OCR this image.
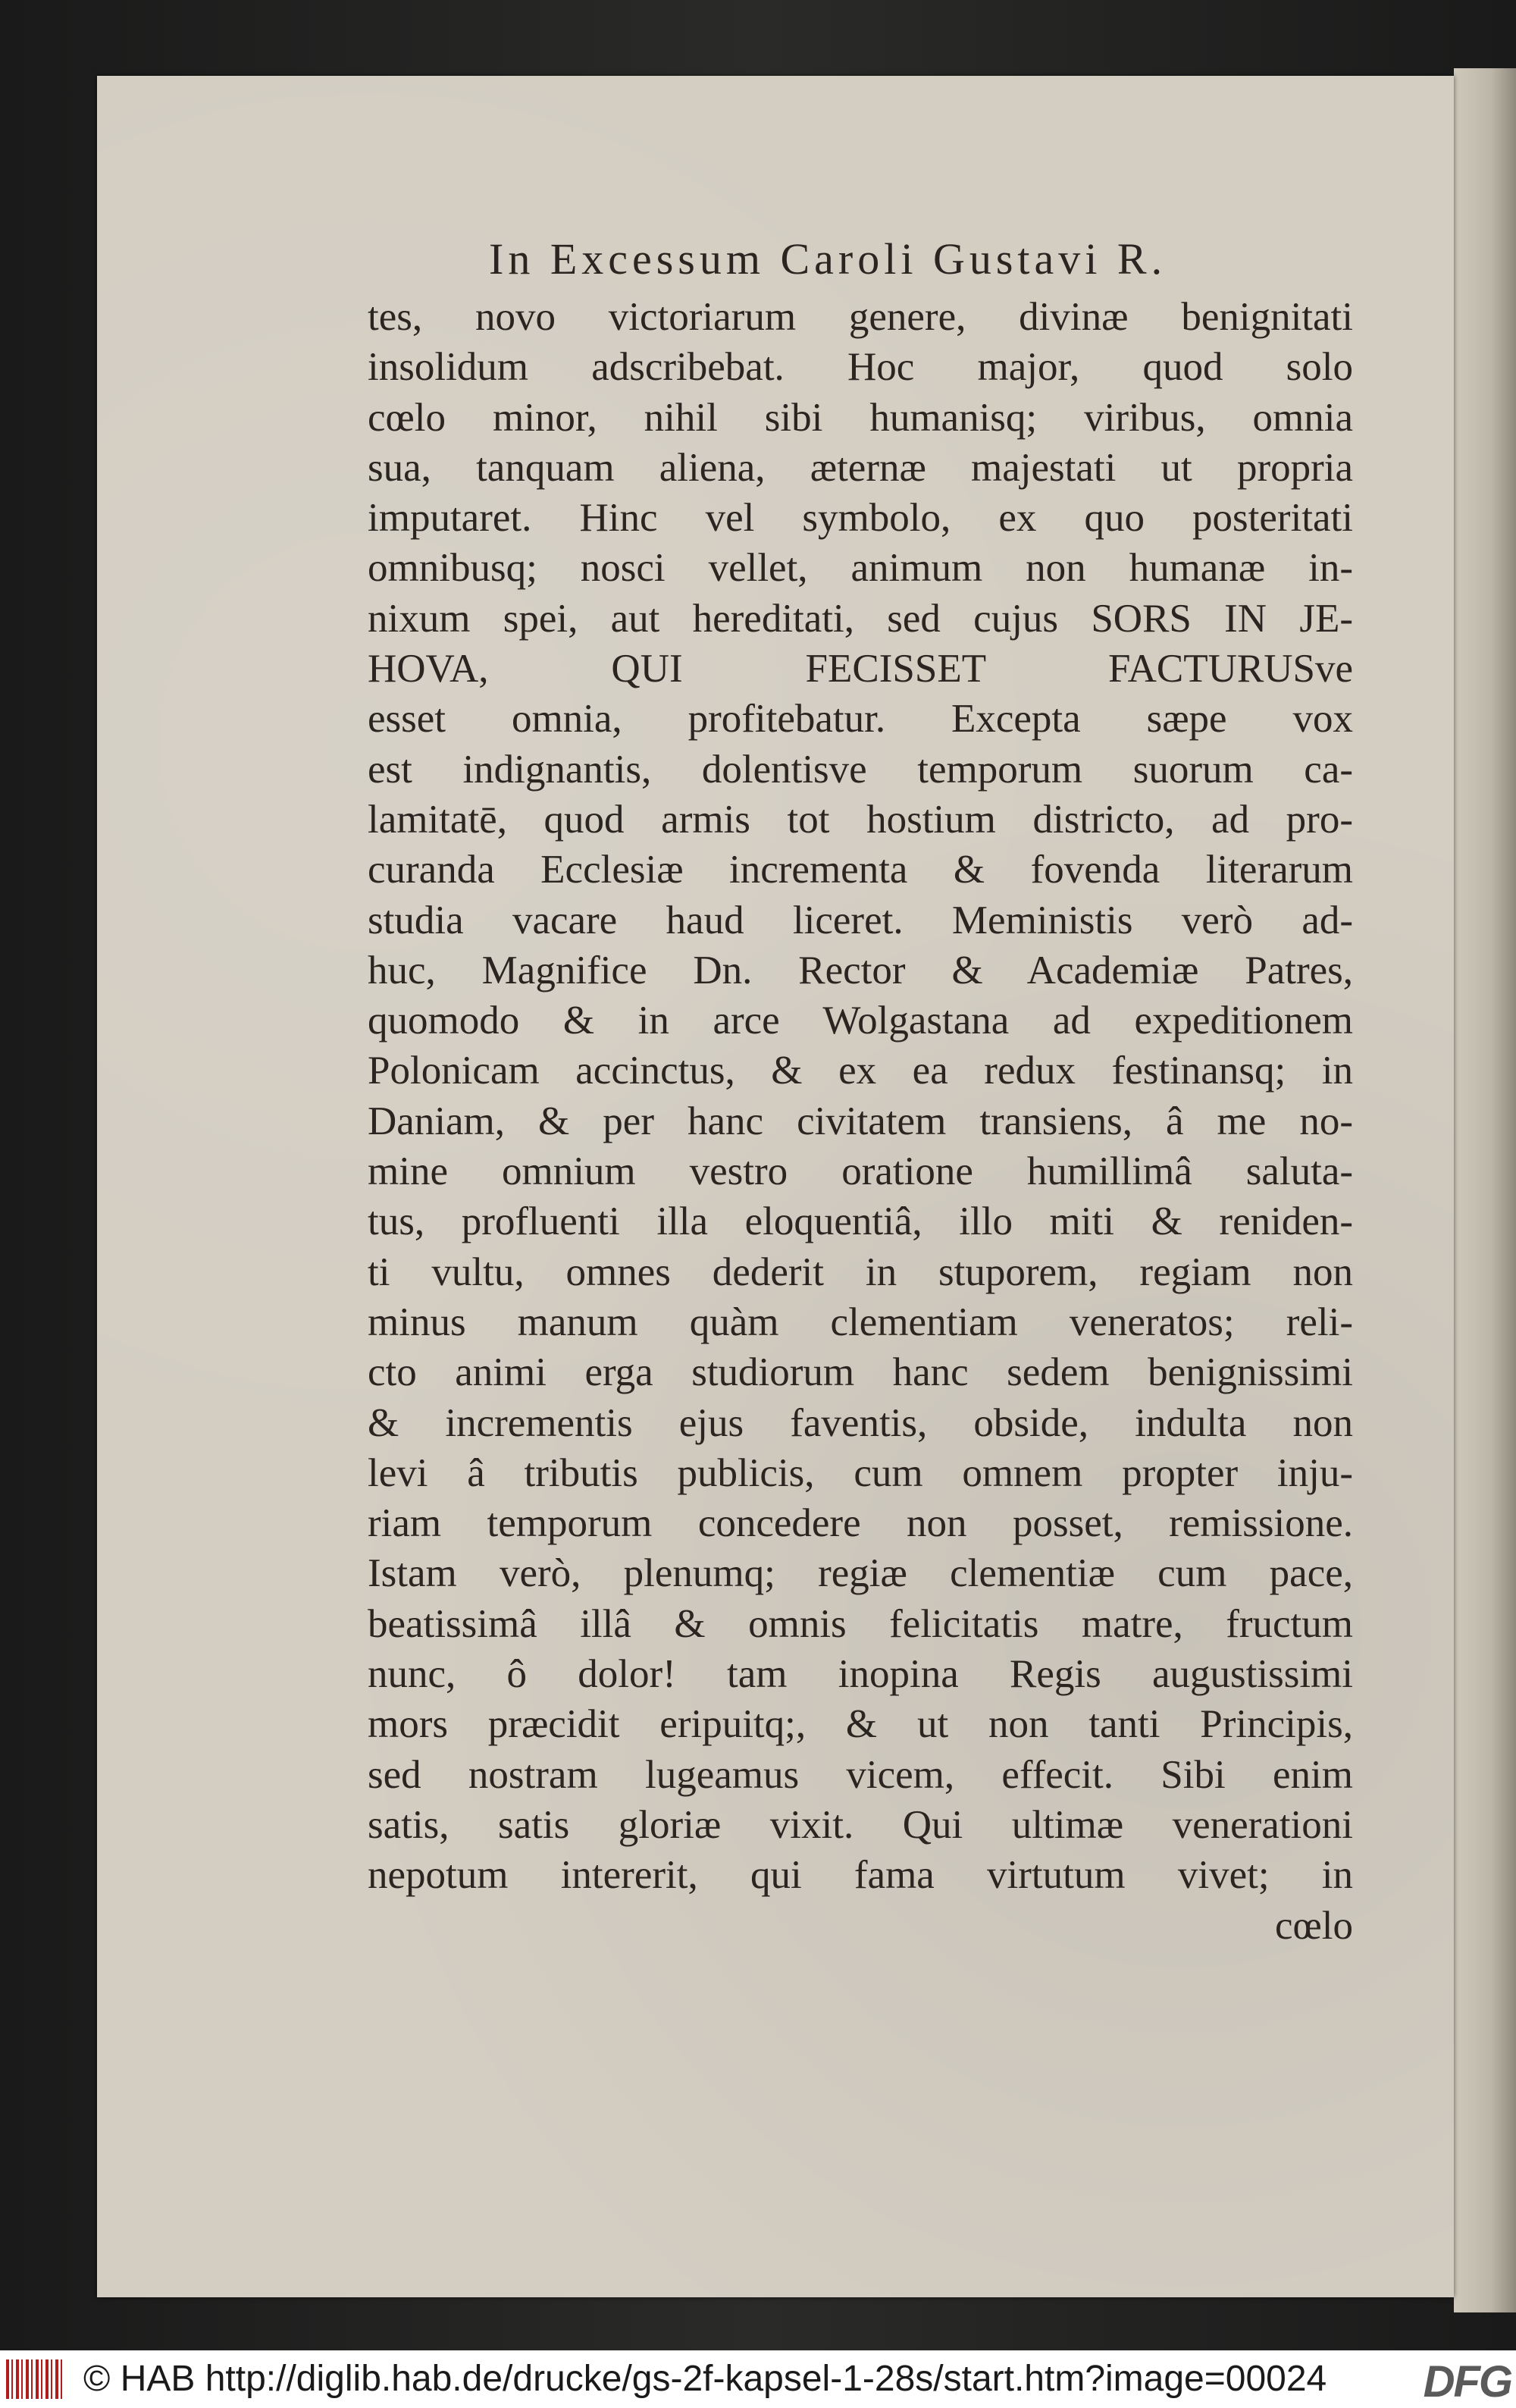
In Excessum Caroli Gustavi R.
tes, novo victoriarum genere, divinæ benignitati
insolidum adscribebat. Hoc major, quod solo
cœlo minor, nihil sibi humanisq; viribus, omnia
sua, tanquam aliena, æternæ majestati ut propria
imputaret. Hinc vel symbolo, ex quo posteritati
omnibusq; nosci vellet, animum non humanæ in-
nixum spei, aut hereditati, sed cujus SORS IN JE-
HOVA, QUI FECISSET FACTURUSve
esset omnia, profitebatur. Excepta sæpe vox
est indignantis, dolentisve temporum suorum ca-
lamitatē, quod armis tot hostium districto, ad pro-
curanda Ecclesiæ incrementa & fovenda literarum
studia vacare haud liceret. Meministis verò ad-
huc, Magnifice Dn. Rector & Academiæ Patres,
quomodo & in arce Wolgastana ad expeditionem
Polonicam accinctus, & ex ea redux festinansq; in
Daniam, & per hanc civitatem transiens, â me no-
mine omnium vestro oratione humillimâ saluta-
tus, profluenti illa eloquentiâ, illo miti & reniden-
ti vultu, omnes dederit in stuporem, regiam non
minus manum quàm clementiam veneratos; reli-
cto animi erga studiorum hanc sedem benignissimi
& incrementis ejus faventis, obside, indulta non
levi â tributis publicis, cum omnem propter inju-
riam temporum concedere non posset, remissione.
Istam verò, plenumq; regiæ clementiæ cum pace,
beatissimâ illâ & omnis felicitatis matre, fructum
nunc, ô dolor! tam inopina Regis augustissimi
mors præcidit eripuitq;, & ut non tanti Principis,
sed nostram lugeamus vicem, effecit. Sibi enim
satis, satis gloriæ vixit. Qui ultimæ venerationi
nepotum intererit, qui fama virtutum vivet; in
cœlo
© HAB http://diglib.hab.de/drucke/gs-2f-kapsel-1-28s/start.htm?image=00024 DFG
